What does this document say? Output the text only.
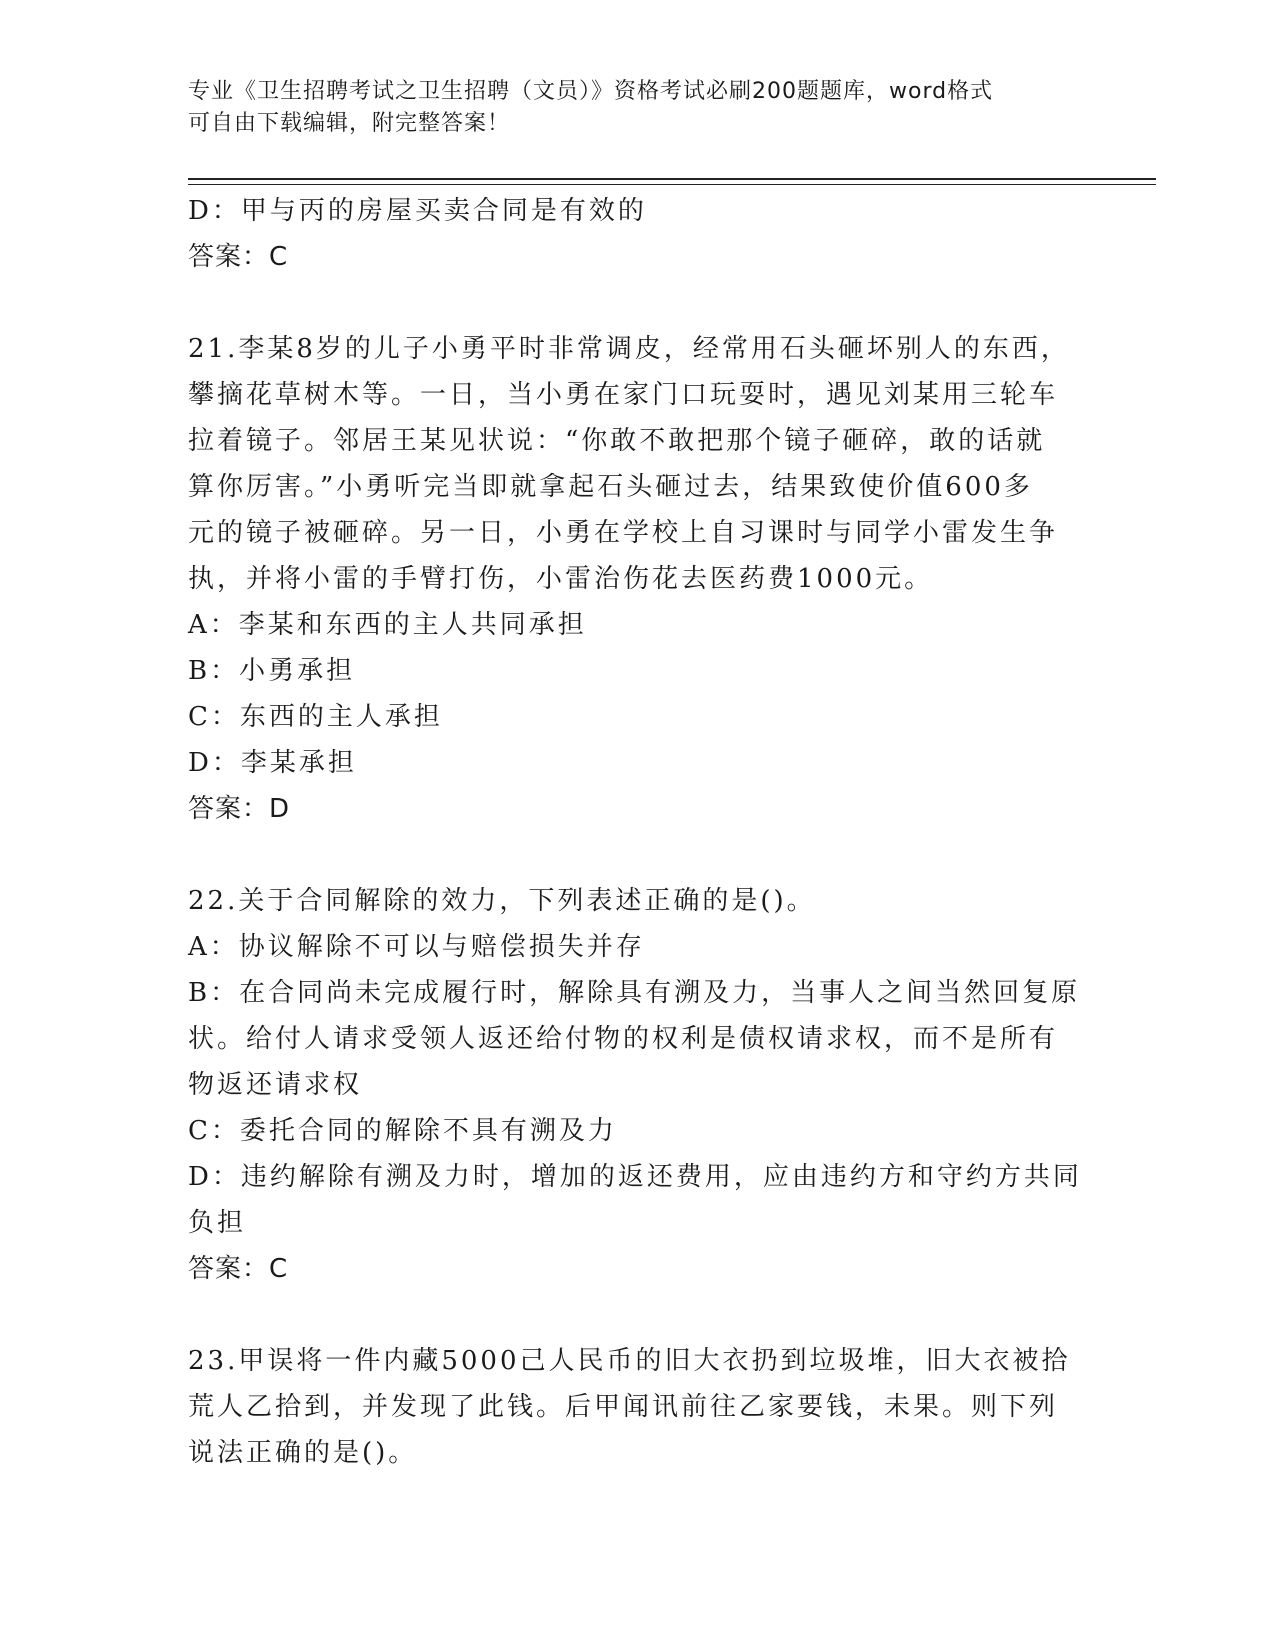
专业《卫生招聘考试之卫生招聘（文员）》资格考试必刷200题题库，word格式
可自由下载编辑，附完整答案！

D：甲与丙的房屋买卖合同是有效的

答案：C

21.李某8岁的儿子小勇平时非常调皮，经常用石头砸坏别人的东西，

攀摘花草树木等。一日，当小勇在家门口玩耍时，遇见刘某用三轮车

拉着镜子。邻居王某见状说：“你敢不敢把那个镜子砸碎，敢的话就

算你厉害。”小勇听完当即就拿起石头砸过去，结果致使价值600多

元的镜子被砸碎。另一日，小勇在学校上自习课时与同学小雷发生争

执，并将小雷的手臂打伤，小雷治伤花去医药费1000元。

A：李某和东西的主人共同承担

B：小勇承担

C：东西的主人承担

D：李某承担

答案：D

22.关于合同解除的效力，下列表述正确的是()。

A：协议解除不可以与赔偿损失并存

B：在合同尚未完成履行时，解除具有溯及力，当事人之间当然回复原

状。给付人请求受领人返还给付物的权利是债权请求权，而不是所有

物返还请求权

C：委托合同的解除不具有溯及力

D：违约解除有溯及力时，增加的返还费用，应由违约方和守约方共同

负担

答案：C

23.甲误将一件内藏5000己人民币的旧大衣扔到垃圾堆，旧大衣被拾

荒人乙拾到，并发现了此钱。后甲闻讯前往乙家要钱，未果。则下列

说法正确的是()。
